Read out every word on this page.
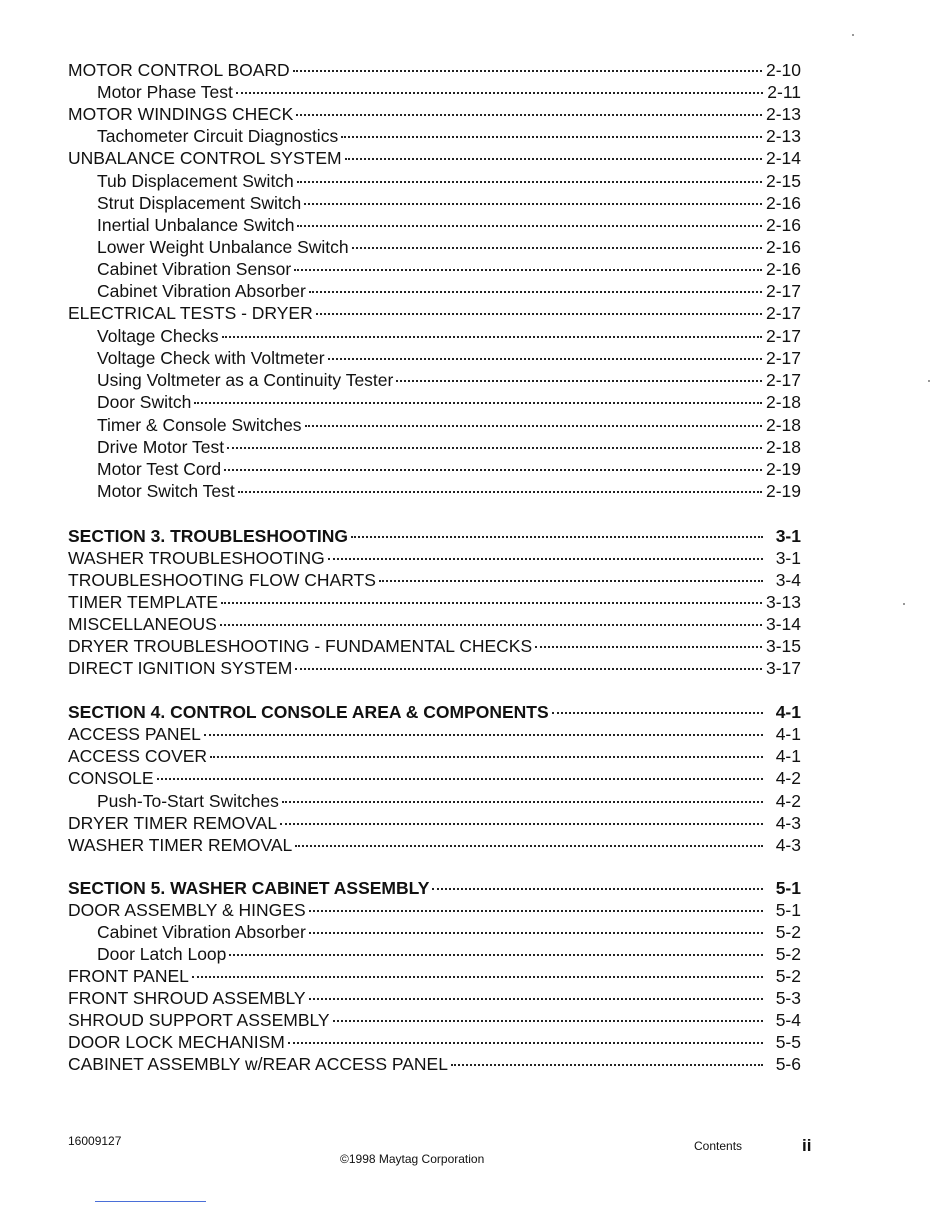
MOTOR CONTROL BOARD	2-10
Motor Phase Test	2-11
MOTOR WINDINGS CHECK	2-13
Tachometer Circuit Diagnostics	2-13
UNBALANCE CONTROL SYSTEM	2-14
Tub Displacement Switch	2-15
Strut Displacement Switch	2-16
Inertial Unbalance Switch	2-16
Lower Weight Unbalance Switch	2-16
Cabinet Vibration Sensor	2-16
Cabinet Vibration Absorber	2-17
ELECTRICAL TESTS - DRYER	2-17
Voltage Checks	2-17
Voltage Check with Voltmeter	2-17
Using Voltmeter as a Continuity Tester	2-17
Door Switch	2-18
Timer & Console Switches	2-18
Drive Motor Test	2-18
Motor Test Cord	2-19
Motor Switch Test	2-19
SECTION 3. TROUBLESHOOTING	3-1
WASHER TROUBLESHOOTING	3-1
TROUBLESHOOTING FLOW CHARTS	3-4
TIMER TEMPLATE	3-13
MISCELLANEOUS	3-14
DRYER TROUBLESHOOTING - FUNDAMENTAL CHECKS	3-15
DIRECT IGNITION SYSTEM	3-17
SECTION 4. CONTROL CONSOLE AREA & COMPONENTS	4-1
ACCESS PANEL	4-1
ACCESS COVER	4-1
CONSOLE	4-2
Push-To-Start Switches	4-2
DRYER TIMER REMOVAL	4-3
WASHER TIMER REMOVAL	4-3
SECTION 5. WASHER CABINET ASSEMBLY	5-1
DOOR ASSEMBLY & HINGES	5-1
Cabinet Vibration Absorber	5-2
Door Latch Loop	5-2
FRONT PANEL	5-2
FRONT SHROUD ASSEMBLY	5-3
SHROUD SUPPORT ASSEMBLY	5-4
DOOR LOCK MECHANISM	5-5
CABINET ASSEMBLY w/REAR ACCESS PANEL	5-6
16009127
©1998 Maytag Corporation
Contents	ii
